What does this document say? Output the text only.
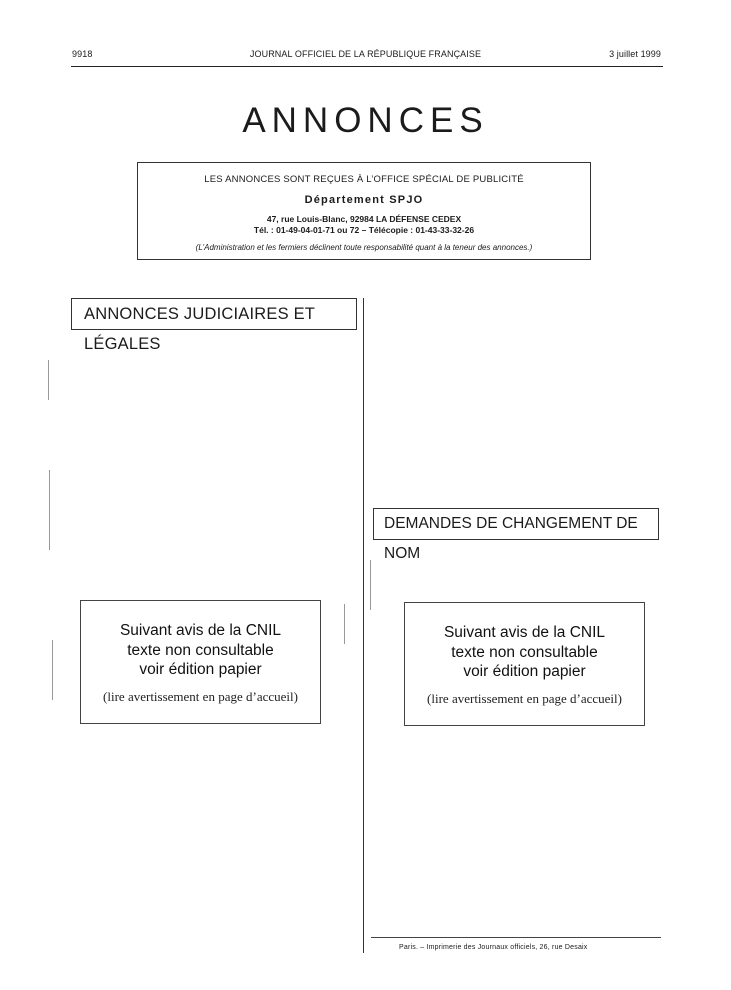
9918	JOURNAL OFFICIEL DE LA RÉPUBLIQUE FRANÇAISE	3 juillet 1999
ANNONCES
LES ANNONCES SONT REÇUES À L’OFFICE SPÉCIAL DE PUBLICITÉ
Département SPJO
47, rue Louis-Blanc, 92984 LA DÉFENSE CEDEX
Tél. : 01-49-04-01-71 ou 72 – Télécopie : 01-43-33-32-26
(L’Administration et les fermiers déclinent toute responsabilité quant à la teneur des annonces.)
ANNONCES JUDICIAIRES ET LÉGALES
DEMANDES DE CHANGEMENT DE NOM
Suivant avis de la CNIL
texte non consultable
voir édition papier
(lire avertissement en page d’accueil)
Suivant avis de la CNIL
texte non consultable
voir édition papier
(lire avertissement en page d’accueil)
Paris. – Imprimerie des Journaux officiels, 26, rue Desaix
